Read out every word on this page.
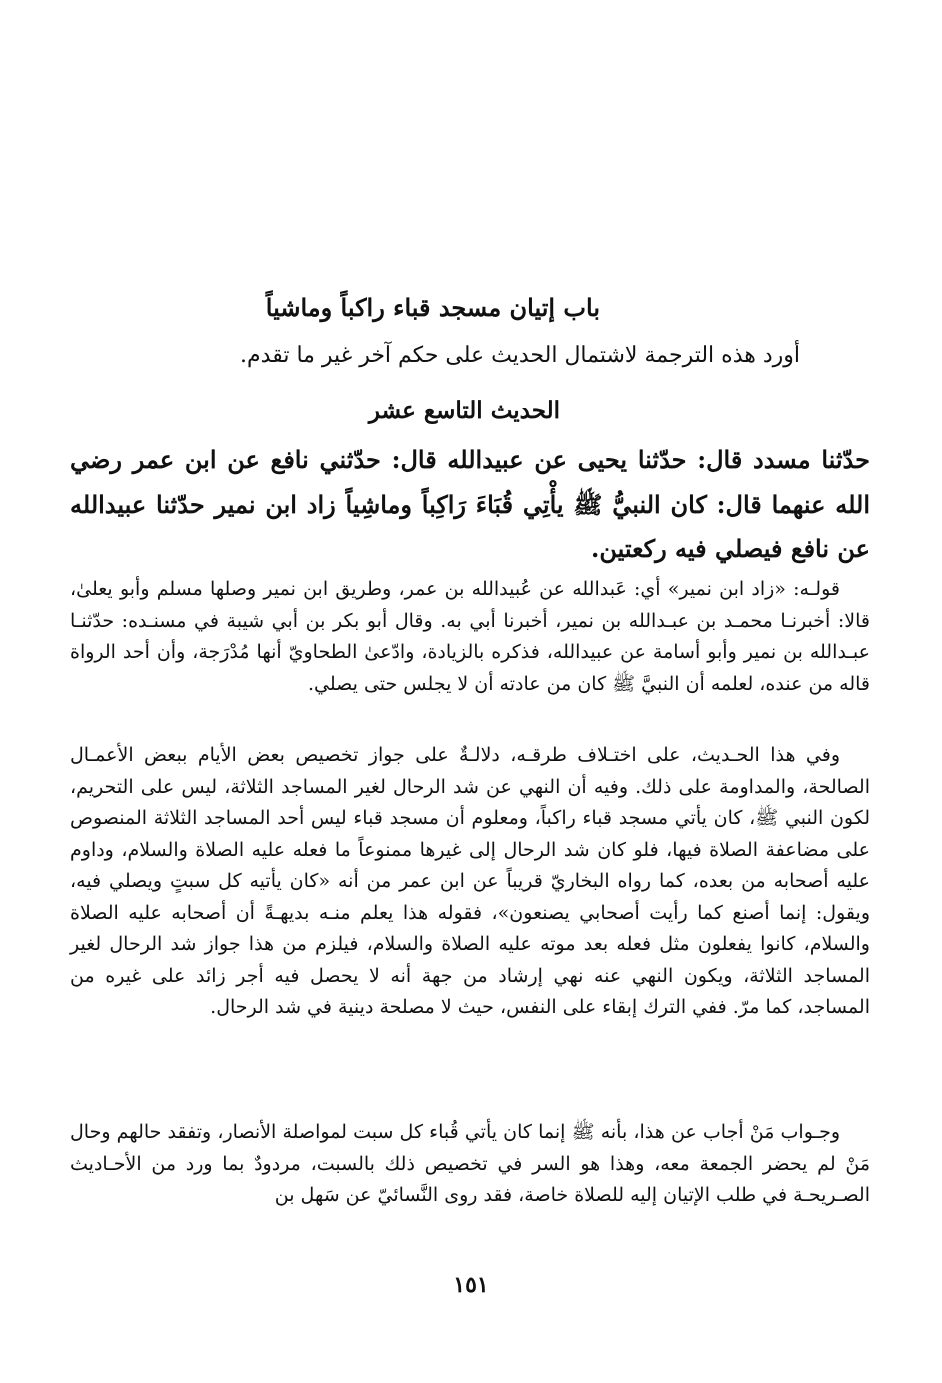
باب إتيان مسجد قباء راكباً وماشياً
أورد هذه الترجمة لاشتمال الحديث على حكم آخر غير ما تقدم.
الحديث التاسع عشر
حدّثنا مسدد قال: حدّثنا يحيى عن عبيدالله قال: حدّثني نافع عن ابن عمر رضي الله عنهما قال: كان النبيُّ ﷺ يأْتِي قُبَاءَ رَاكِباً وماشِياً زاد ابن نمير حدّثنا عبيدالله عن نافع فيصلي فيه ركعتين.
قولـه: «زاد ابن نمير» أي: عَبدالله عن عُبيدالله بن عمر، وطريق ابن نمير وصلها مسلم وأبو يعلىٰ، قالا: أخبرنـا محمـد بن عبـدالله بن نمير، أخبرنا أبي به. وقال أبو بكر بن أبي شيبة في مسنـده: حدّثنـا عبـدالله بن نمير وأبو أسامة عن عبيدالله، فذكره بالزيادة، وادّعىٰ الطحاويّ أنها مُدْرَجة، وأن أحد الرواة قاله من عنده، لعلمه أن النبيَّ ﷺ كان من عادته أن لا يجلس حتى يصلي.
وفي هذا الحـديث، على اختـلاف طرقـه، دلالـةٌ على جواز تخصيص بعض الأيام ببعض الأعمـال الصالحة، والمداومة على ذلك. وفيه أن النهي عن شد الرحال لغير المساجد الثلاثة، ليس على التحريم، لكون النبي ﷺ، كان يأتي مسجد قباء راكباً، ومعلوم أن مسجد قباء ليس أحد المساجد الثلاثة المنصوص على مضاعفة الصلاة فيها، فلو كان شد الرحال إلى غيرها ممنوعاً ما فعله عليه الصلاة والسلام، وداوم عليه أصحابه من بعده، كما رواه البخاريّ قريباً عن ابن عمر من أنه «كان يأتيه كل سبتٍ ويصلي فيه، ويقول: إنما أصنع كما رأيت أصحابي يصنعون»، فقوله هذا يعلم منـه بديهـةً أن أصحابه عليه الصلاة والسلام، كانوا يفعلون مثل فعله بعد موته عليه الصلاة والسلام، فيلزم من هذا جواز شد الرحال لغير المساجد الثلاثة، ويكون النهي عنه نهي إرشاد من جهة أنه لا يحصل فيه أجر زائد على غيره من المساجد، كما مرّ. ففي الترك إبقاء على النفس، حيث لا مصلحة دينية في شد الرحال.
وجـواب مَنْ أجاب عن هذا، بأنه ﷺ إنما كان يأتي قُباء كل سبت لمواصلة الأنصار، وتفقد حالهم وحال مَنْ لم يحضر الجمعة معه، وهذا هو السر في تخصيص ذلك بالسبت، مردودٌ بما ورد من الأحـاديث الصـريحـة في طلب الإتيان إليه للصلاة خاصة، فقد روى النَّسائيّ عن سَهل بن
١٥١
